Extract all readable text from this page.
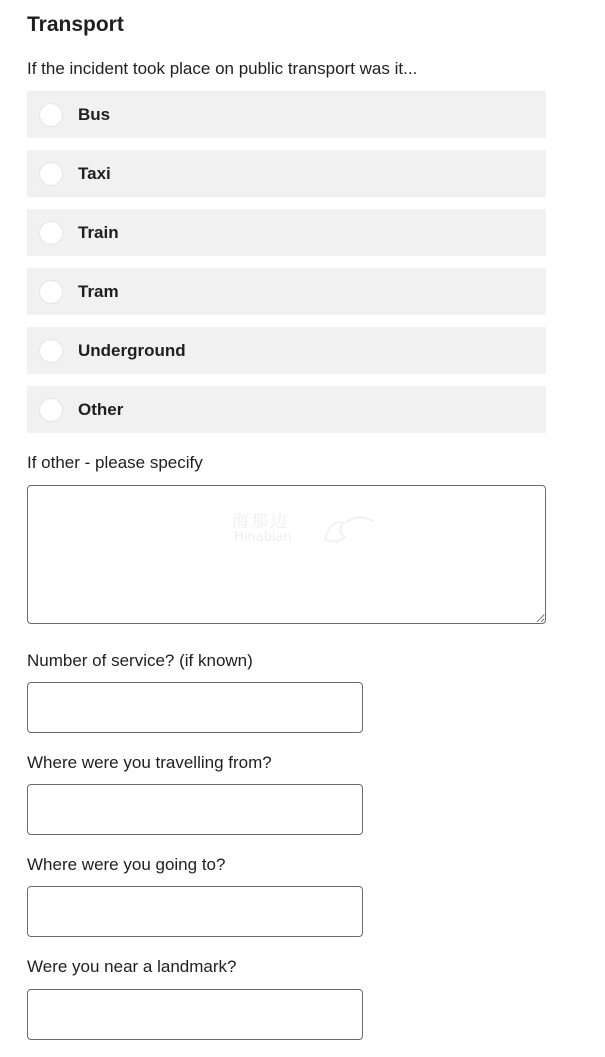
Transport
If the incident took place on public transport was it...
Bus
Taxi
Train
Tram
Underground
Other
If other - please specify
Number of service? (if known)
Where were you travelling from?
Where were you going to?
Were you near a landmark?
